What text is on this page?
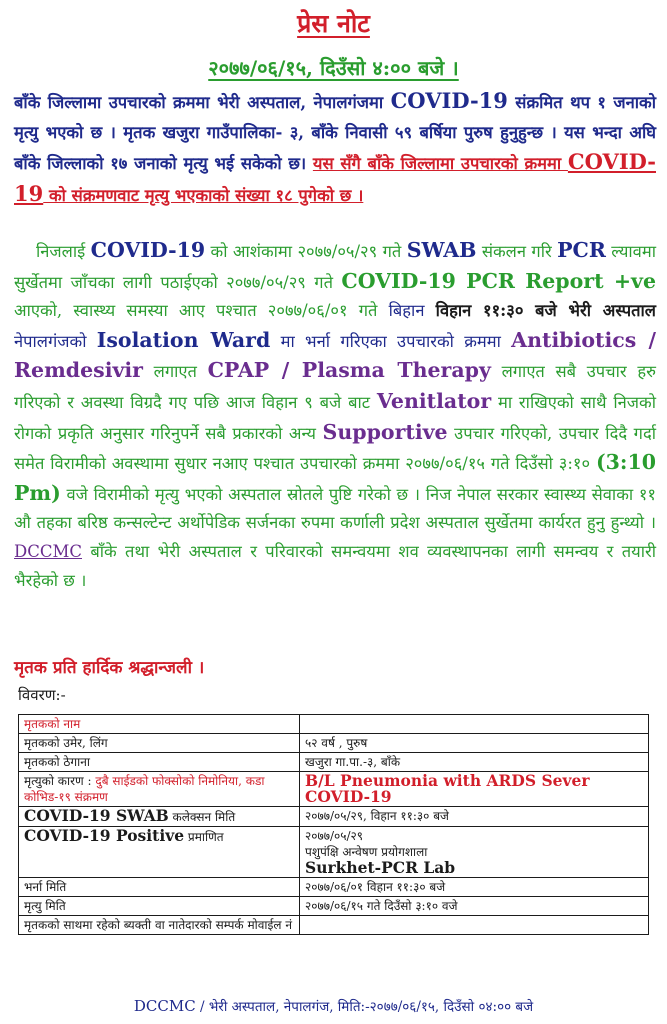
प्रेस नोट
२०७७/०६/१५, दिउँसो ४:०० बजे ।
बाँके जिल्लामा उपचारको क्रममा भेरी अस्पताल, नेपालगंजमा COVID-19 संक्रमित थप १ जनाको मृत्यु भएको छ । मृतक खजुरा गाउँपालिका- ३, बाँके निवासी ५९ बर्षिया पुरुष हुनुहुन्छ । यस भन्दा अघि बाँके जिल्लाको १७ जनाको मृत्यु भई सकेको छ। यस सँगै बाँके जिल्लामा उपचारको क्रममा COVID- 19 को संक्रमणवाट मृत्यु भएकाको संख्या १८ पुगेको छ ।
निजलाई COVID-19 को आशंकामा २०७७/०५/२९ गते SWAB संकलन गरि PCR ल्यावमा सुर्खेतमा जाँचका लागी पठाईएको २०७७/०५/२९ गते COVID-19 PCR Report +ve आएको, स्वास्थ्य समस्या आए पश्चात २०७७/०६/०१ गते बिहान विहान ११:३० बजे भेरी अस्पताल नेपालगंजको Isolation Ward मा भर्ना गरिएका उपचारको क्रममा Antibiotics / Remdesivir लगाएत CPAP / Plasma Therapy लगाएत सबै उपचार हरु गरिएको र अवस्था विग्रदै गए पछि आज विहान ९ बजे बाट Venitlator मा राखिएको साथै निजको रोगको प्रकृति अनुसार गरिनुपर्ने सबै प्रकारको अन्य Supportive उपचार गरिएको, उपचार दिदै गर्दा समेत विरामीको अवस्थामा सुधार नआए पश्चात उपचारको क्रममा २०७७/०६/१५ गते दिउँसो ३:१० (3:10 Pm) वजे विरामीको मृत्यु भएको अस्पताल स्रोतले पुष्टि गरेको छ । निज नेपाल सरकार स्वास्थ्य सेवाका ११ औ तहका बरिष्ठ कन्सल्टेन्ट अर्थोपेडिक सर्जनका रुपमा कर्णाली प्रदेश अस्पताल सुर्खेतमा कार्यरत हुनु हुन्थ्यो । DCCMC बाँके तथा भेरी अस्पताल र परिवारको समन्वयमा शव व्यवस्थापनका लागी समन्वय र तयारी भैरहेको छ ।
मृतक प्रति हार्दिक श्रद्धान्जली ।
विवरण:-
मृतकको नाम	
मृतकको उमेर, लिंग	५२ वर्ष , पुरुष
मृतकको ठेगाना	खजुरा गा.पा.-३, बाँके
मृत्युको कारण : दुबै साईडको फोक्सोको निमोनिया, कडा कोभिड-१९ संक्रमण	B/L Pneumonia with ARDS Sever COVID-19
COVID-19 SWAB कलेक्सन मिति	२०७७/०५/२९, विहान ११:३० बजे
COVID-19 Positive प्रमाणित	२०७७/०५/२९
पशुपंक्षि अन्वेषण प्रयोगशाला
Surkhet-PCR Lab

भर्ना मिति	२०७७/०६/०१ विहान ११:३० बजे
मृत्यु मिति	२०७७/०६/१५ गते दिउँसो ३:१० वजे
मृतकको साथमा रहेको ब्यक्ती वा नातेदारको सम्पर्क मोवाईल नं	
DCCMC / भेरी अस्पताल, नेपालगंज, मिति:-२०७७/०६/१५, दिउँसो ०४:०० बजे
